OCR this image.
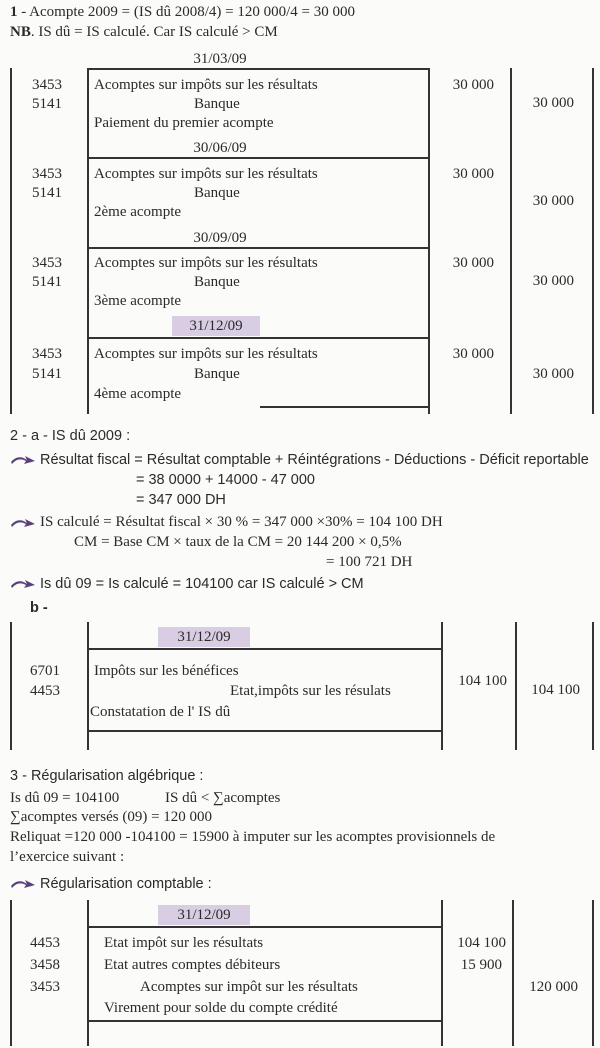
1 - Acompte 2009 = (IS dû 2008/4) = 120 000/4 = 30 000
NB. IS dû = IS calculé. Car IS calculé > CM
31/03/09
3453
5141
Acomptes sur impôts sur les résultats
Banque
Paiement du premier acompte
30 000
30 000
30/06/09
3453
5141
Acomptes sur impôts sur les résultats
Banque
2ème acompte
30 000
30 000
30/09/09
3453
5141
Acomptes sur impôts sur les résultats
Banque
3ème acompte
30 000
30 000
31/12/09
3453
5141
Acomptes sur impôts sur les résultats
Banque
4ème acompte
30 000
30 000
2 - a - IS dû 2009 :
Résultat fiscal = Résultat comptable + Réintégrations - Déductions - Déficit reportable
= 38 0000 + 14000 - 47 000
= 347 000 DH
IS calculé = Résultat fiscal × 30 % = 347 000 ×30% = 104 100 DH
CM = Base CM × taux de la CM = 20 144 200 × 0,5%
= 100 721 DH
Is dû 09 = Is calculé = 104100 car IS calculé > CM
b -
31/12/09
6701
4453
Impôts sur les bénéfices
Etat,impôts sur les résulats
Constatation de l' IS dû
104 100
104 100
3 - Régularisation algébrique :
Is dû 09 = 104100	IS dû < ∑acomptes
∑acomptes versés (09) = 120 000
Reliquat =120 000 -104100 = 15900 à imputer sur les acomptes provisionnels de
l’exercice suivant :
Régularisation comptable :
31/12/09
4453
3458
3453
Etat impôt sur les résultats
Etat autres comptes débiteurs
Acomptes sur impôt sur les résultats
Virement pour solde du compte crédité
104 100
15 900
120 000
